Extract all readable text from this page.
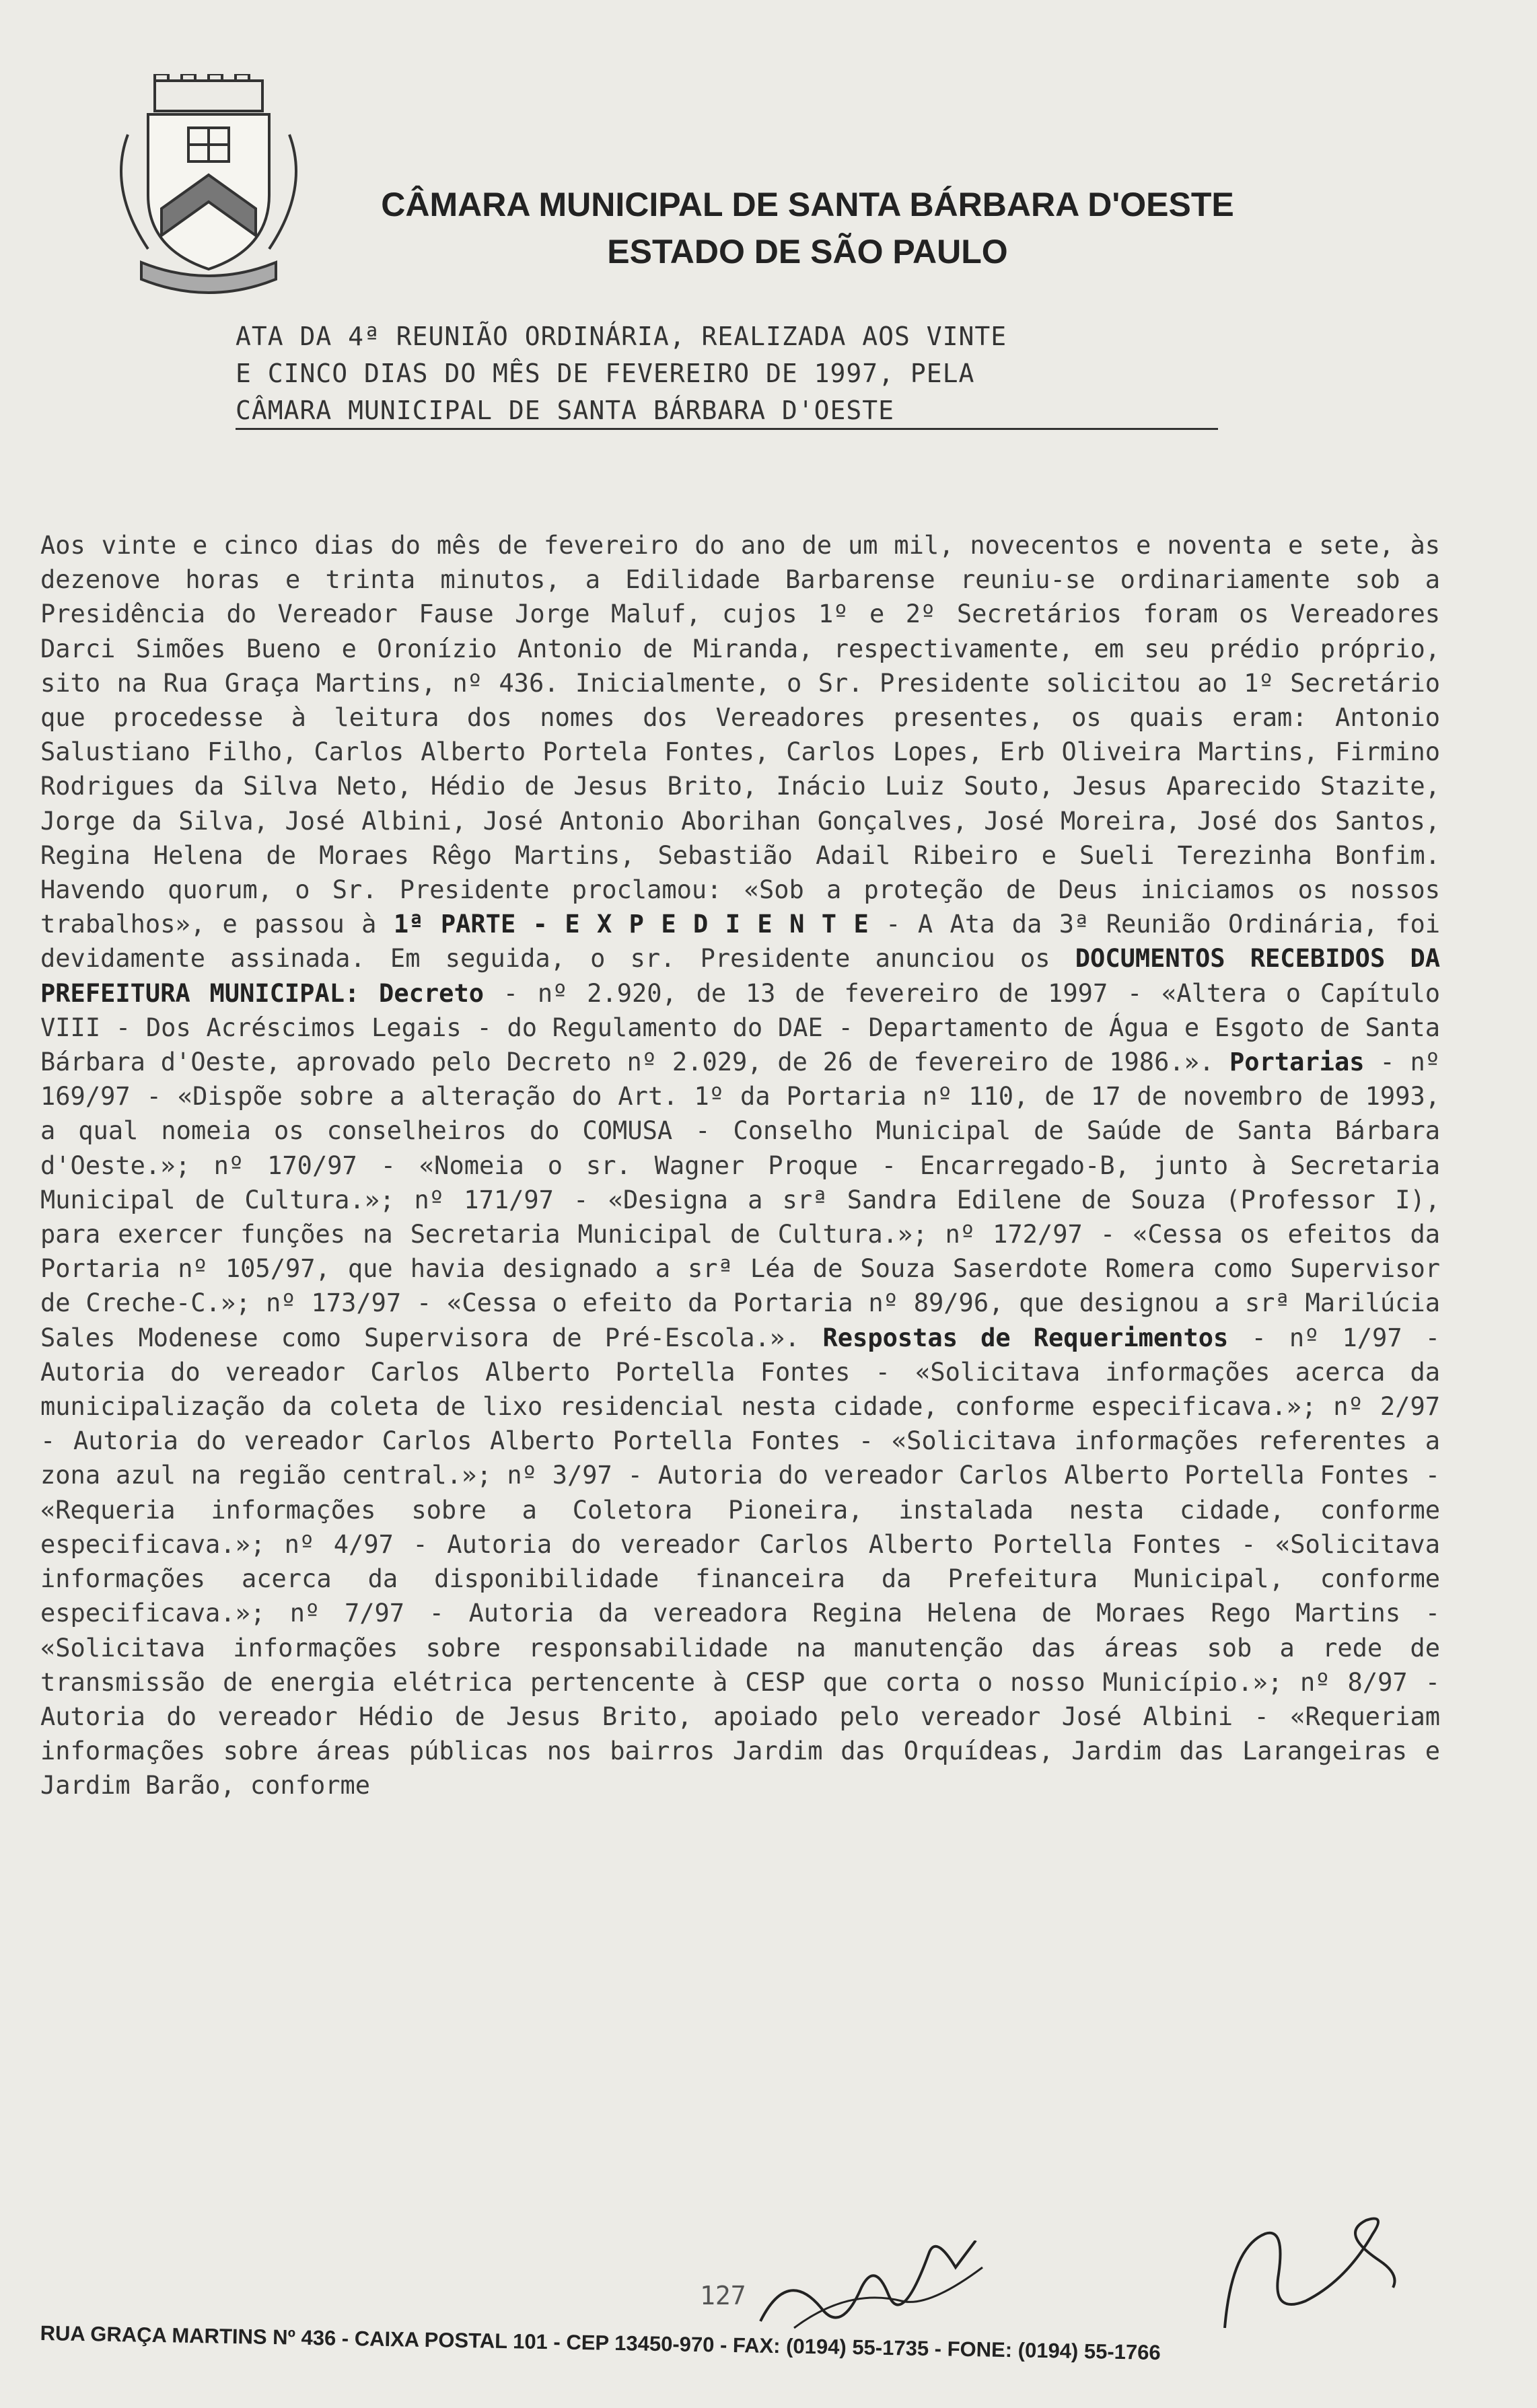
CÂMARA MUNICIPAL DE SANTA BÁRBARA D'OESTE
ESTADO DE SÃO PAULO
ATA DA 4ª REUNIÃO ORDINÁRIA, REALIZADA AOS VINTE
E CINCO DIAS DO MÊS DE FEVEREIRO DE 1997, PELA
CÂMARA MUNICIPAL DE SANTA BÁRBARA D'OESTE

Aos vinte e cinco dias do mês de fevereiro do ano de um mil, novecentos e noventa e sete, às dezenove horas e trinta minutos, a Edilidade Barbarense reuniu-se ordinariamente sob a Presidência do Vereador Fause Jorge Maluf, cujos 1º e 2º Secretários foram os Vereadores Darci Simões Bueno e Oronízio Antonio de Miranda, respectivamente, em seu prédio próprio, sito na Rua Graça Martins, nº 436. Inicialmente, o Sr. Presidente solicitou ao 1º Secretário que procedesse à leitura dos nomes dos Vereadores presentes, os quais eram: Antonio Salustiano Filho, Carlos Alberto Portela Fontes, Carlos Lopes, Erb Oliveira Martins, Firmino Rodrigues da Silva Neto, Hédio de Jesus Brito, Inácio Luiz Souto, Jesus Aparecido Stazite, Jorge da Silva, José Albini, José Antonio Aborihan Gonçalves, José Moreira, José dos Santos, Regina Helena de Moraes Rêgo Martins, Sebastião Adail Ribeiro e Sueli Terezinha Bonfim. Havendo quorum, o Sr. Presidente proclamou: «Sob a proteção de Deus iniciamos os nossos trabalhos», e passou à 1ª PARTE - E X P E D I E N T E - A Ata da 3ª Reunião Ordinária, foi devidamente assinada. Em seguida, o sr. Presidente anunciou os DOCUMENTOS RECEBIDOS DA PREFEITURA MUNICIPAL: Decreto - nº 2.920, de 13 de fevereiro de 1997 - «Altera o Capítulo VIII - Dos Acréscimos Legais - do Regulamento do DAE - Departamento de Água e Esgoto de Santa Bárbara d'Oeste, aprovado pelo Decreto nº 2.029, de 26 de fevereiro de 1986.». Portarias - nº 169/97 - «Dispõe sobre a alteração do Art. 1º da Portaria nº 110, de 17 de novembro de 1993, a qual nomeia os conselheiros do COMUSA - Conselho Municipal de Saúde de Santa Bárbara d'Oeste.»; nº 170/97 - «Nomeia o sr. Wagner Proque - Encarregado-B, junto à Secretaria Municipal de Cultura.»; nº 171/97 - «Designa a srª Sandra Edilene de Souza (Professor I), para exercer funções na Secretaria Municipal de Cultura.»; nº 172/97 - «Cessa os efeitos da Portaria nº 105/97, que havia designado a srª Léa de Souza Saserdote Romera como Supervisor de Creche-C.»; nº 173/97 - «Cessa o efeito da Portaria nº 89/96, que designou a srª Marilúcia Sales Modenese como Supervisora de Pré-Escola.». Respostas de Requerimentos - nº 1/97 - Autoria do vereador Carlos Alberto Portella Fontes - «Solicitava informações acerca da municipalização da coleta de lixo residencial nesta cidade, conforme especificava.»; nº 2/97 - Autoria do vereador Carlos Alberto Portella Fontes - «Solicitava informações referentes a zona azul na região central.»; nº 3/97 - Autoria do vereador Carlos Alberto Portella Fontes - «Requeria informações sobre a Coletora Pioneira, instalada nesta cidade, conforme especificava.»; nº 4/97 - Autoria do vereador Carlos Alberto Portella Fontes - «Solicitava informações acerca da disponibilidade financeira da Prefeitura Municipal, conforme especificava.»; nº 7/97 - Autoria da vereadora Regina Helena de Moraes Rego Martins - «Solicitava informações sobre responsabilidade na manutenção das áreas sob a rede de transmissão de energia elétrica pertencente à CESP que corta o nosso Município.»; nº 8/97 - Autoria do vereador Hédio de Jesus Brito, apoiado pelo vereador José Albini - «Requeriam informações sobre áreas públicas nos bairros Jardim das Orquídeas, Jardim das Larangeiras e Jardim Barão, conforme

127
RUA GRAÇA MARTINS Nº 436 - CAIXA POSTAL 101 - CEP 13450-970 - FAX: (0194) 55-1735 - FONE: (0194) 55-1766
